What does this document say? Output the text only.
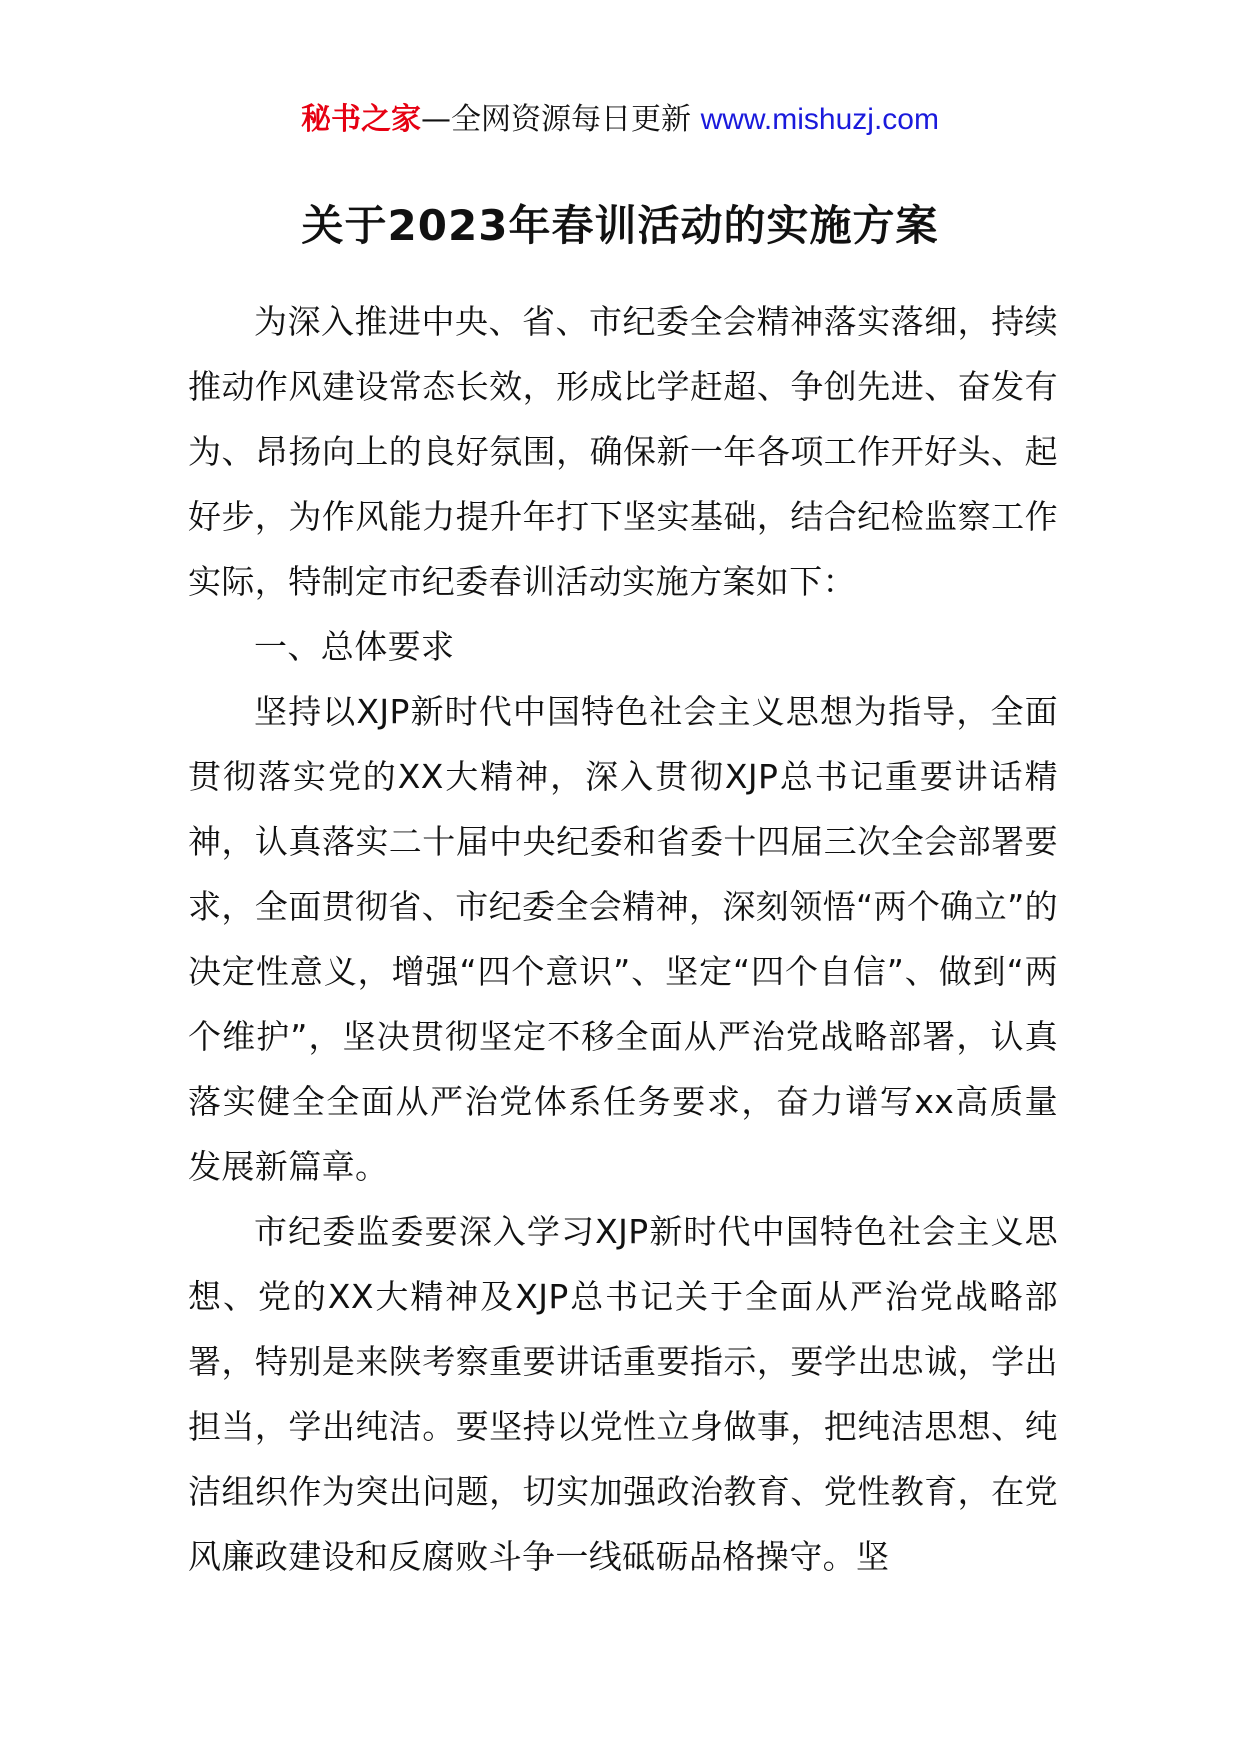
秘书之家—全网资源每日更新 www.mishuzj.com
关于2023年春训活动的实施方案

为深入推进中央、省、市纪委全会精神落实落细，持续推动作风建设常态长效，形成比学赶超、争创先进、奋发有为、昂扬向上的良好氛围，确保新一年各项工作开好头、起好步，为作风能力提升年打下坚实基础，结合纪检监察工作实际，特制定市纪委春训活动实施方案如下：

一、总体要求

坚持以XJP新时代中国特色社会主义思想为指导，全面贯彻落实党的XX大精神，深入贯彻XJP总书记重要讲话精神，认真落实二十届中央纪委和省委十四届三次全会部署要求，全面贯彻省、市纪委全会精神，深刻领悟“两个确立”的决定性意义，增强“四个意识”、坚定“四个自信”、做到“两个维护”，坚决贯彻坚定不移全面从严治党战略部署，认真落实健全全面从严治党体系任务要求，奋力谱写xx高质量发展新篇章。

市纪委监委要深入学习XJP新时代中国特色社会主义思想、党的XX大精神及XJP总书记关于全面从严治党战略部署，特别是来陕考察重要讲话重要指示，要学出忠诚，学出担当，学出纯洁。要坚持以党性立身做事，把纯洁思想、纯洁组织作为突出问题，切实加强政治教育、党性教育，在党风廉政建设和反腐败斗争一线砥砺品格操守。坚
